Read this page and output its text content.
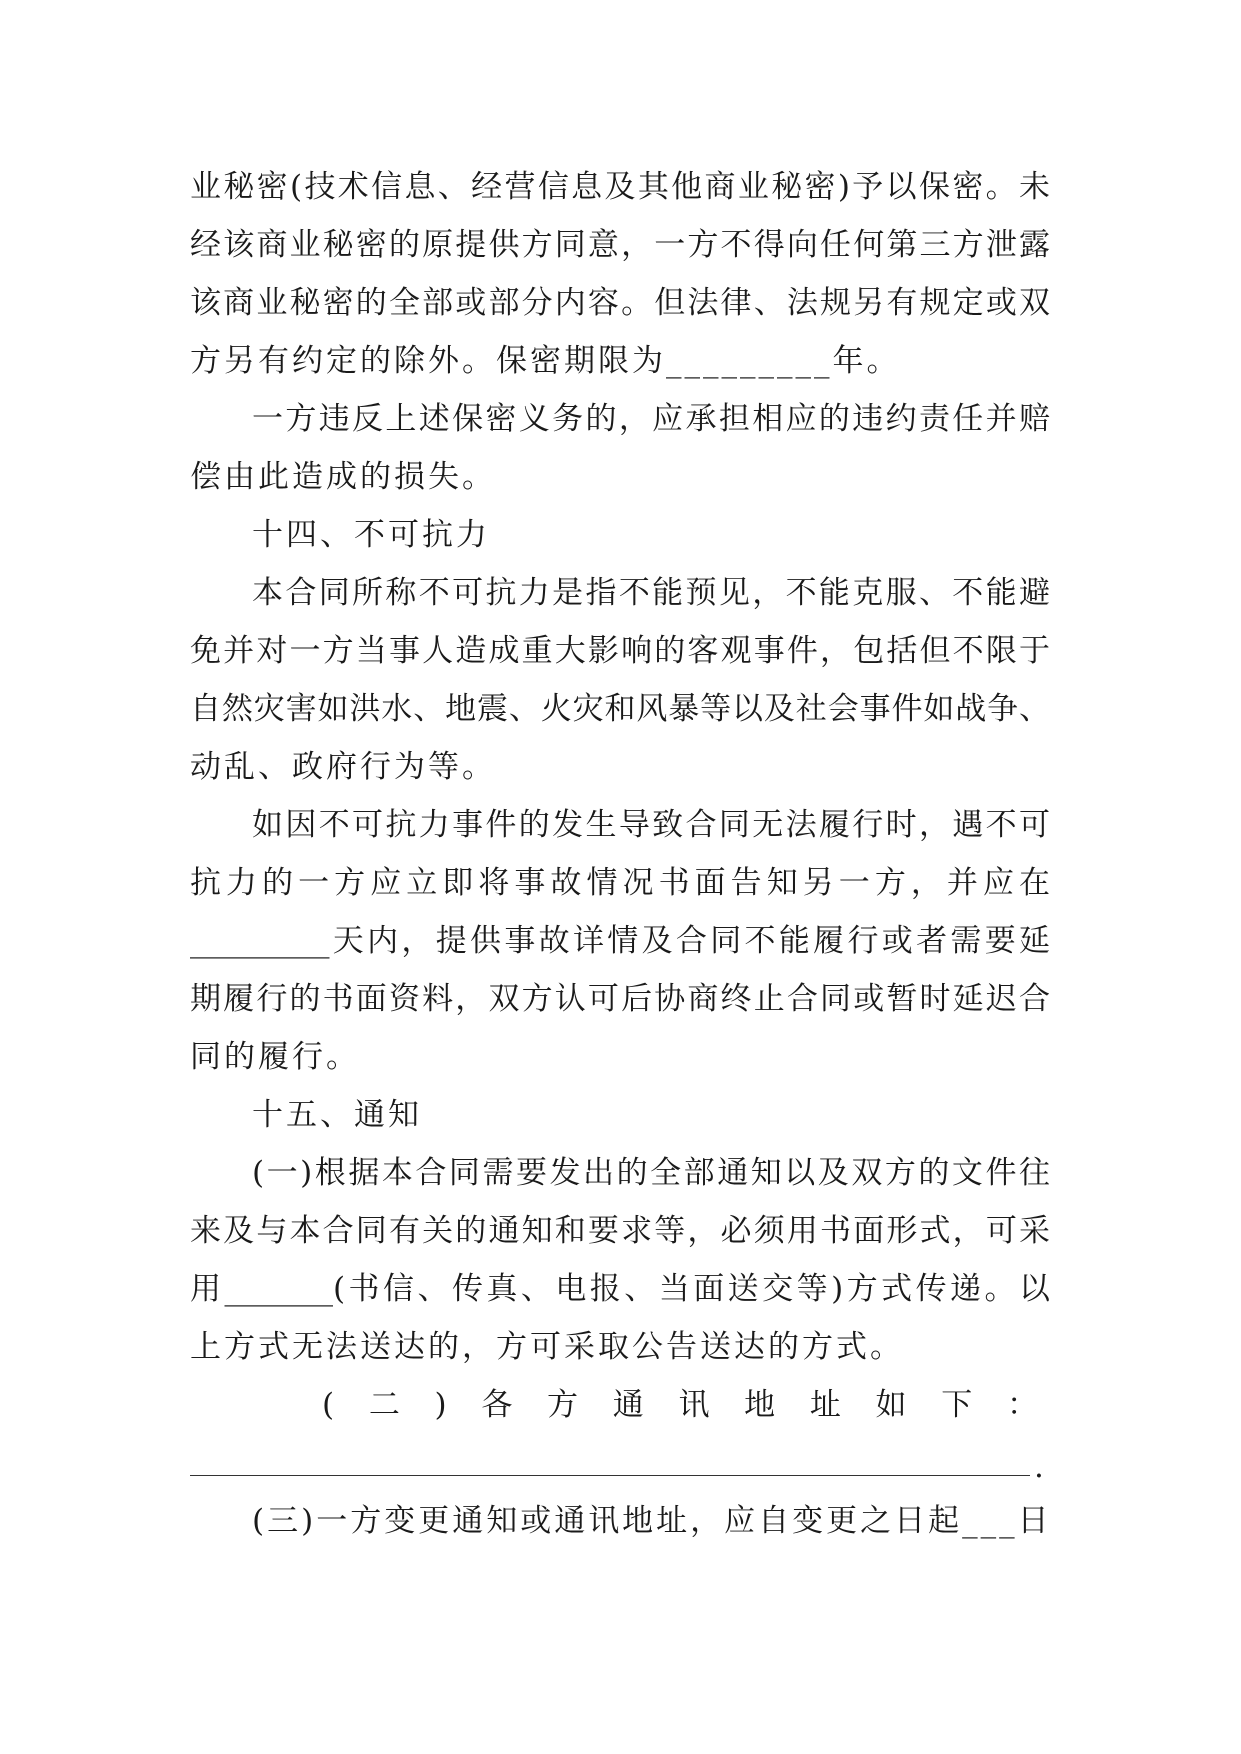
业秘密(技术信息、经营信息及其他商业秘密)予以保密。未
经该商业秘密的原提供方同意，一方不得向任何第三方泄露
该商业秘密的全部或部分内容。但法律、法规另有规定或双
方另有约定的除外。保密期限为_________年。
一方违反上述保密义务的，应承担相应的违约责任并赔
偿由此造成的损失。
十四、不可抗力
本合同所称不可抗力是指不能预见，不能克服、不能避
免并对一方当事人造成重大影响的客观事件，包括但不限于
自然灾害如洪水、地震、火灾和风暴等以及社会事件如战争、
动乱、政府行为等。
如因不可抗力事件的发生导致合同无法履行时，遇不可
抗力的一方应立即将事故情况书面告知另一方，并应在
_________天内，提供事故详情及合同不能履行或者需要延
期履行的书面资料，双方认可后协商终止合同或暂时延迟合
同的履行。
十五、通知
(一)根据本合同需要发出的全部通知以及双方的文件往
来及与本合同有关的通知和要求等，必须用书面形式，可采
用_______(书信、传真、电报、当面送交等)方式传递。以
上方式无法送达的，方可采取公告送达的方式。
( 二 ) 各 方 通 讯 地 址 如 下 ：
.
(三)一方变更通知或通讯地址，应自变更之日起___日
